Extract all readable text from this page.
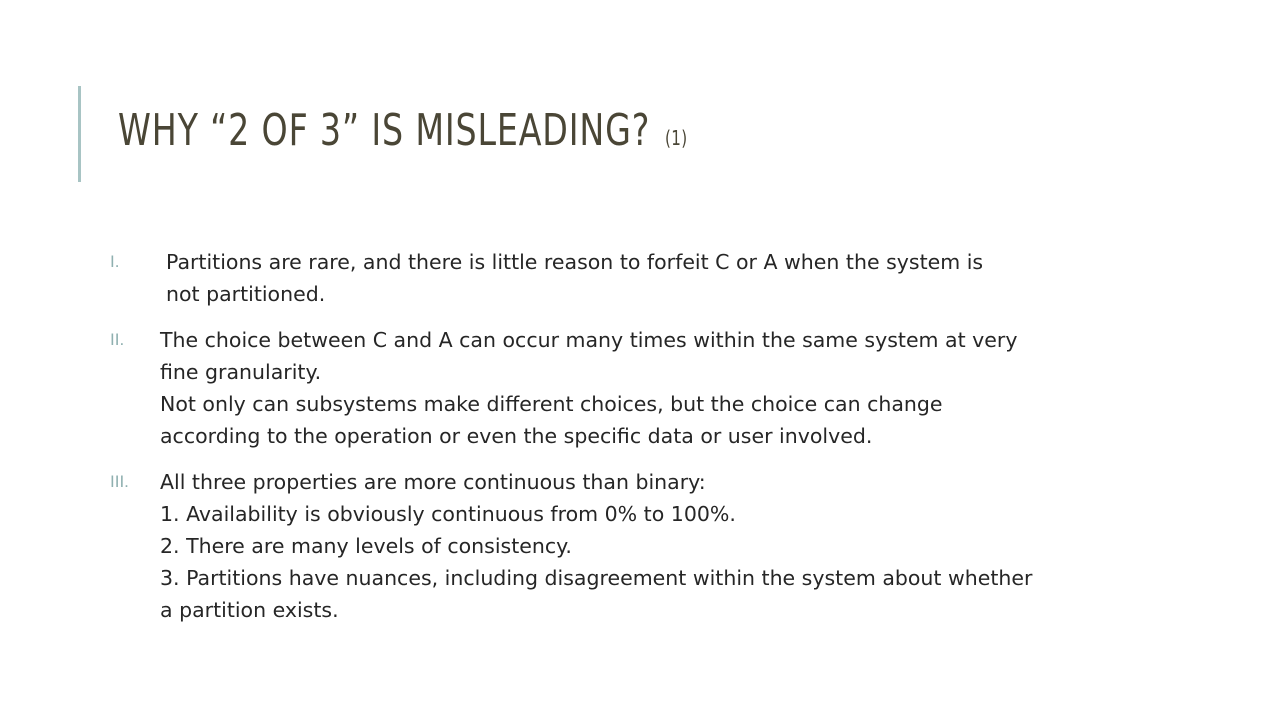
WHY “2 OF 3” IS MISLEADING? (1)
I. Partitions are rare, and there is little reason to forfeit C or A when the system is
not partitioned.
II. The choice between C and A can occur many times within the same system at very
fine granularity.
Not only can subsystems make different choices, but the choice can change
according to the operation or even the specific data or user involved.
III. All three properties are more continuous than binary:
1. Availability is obviously continuous from 0% to 100%.
2. There are many levels of consistency.
3. Partitions have nuances, including disagreement within the system about whether
a partition exists.
